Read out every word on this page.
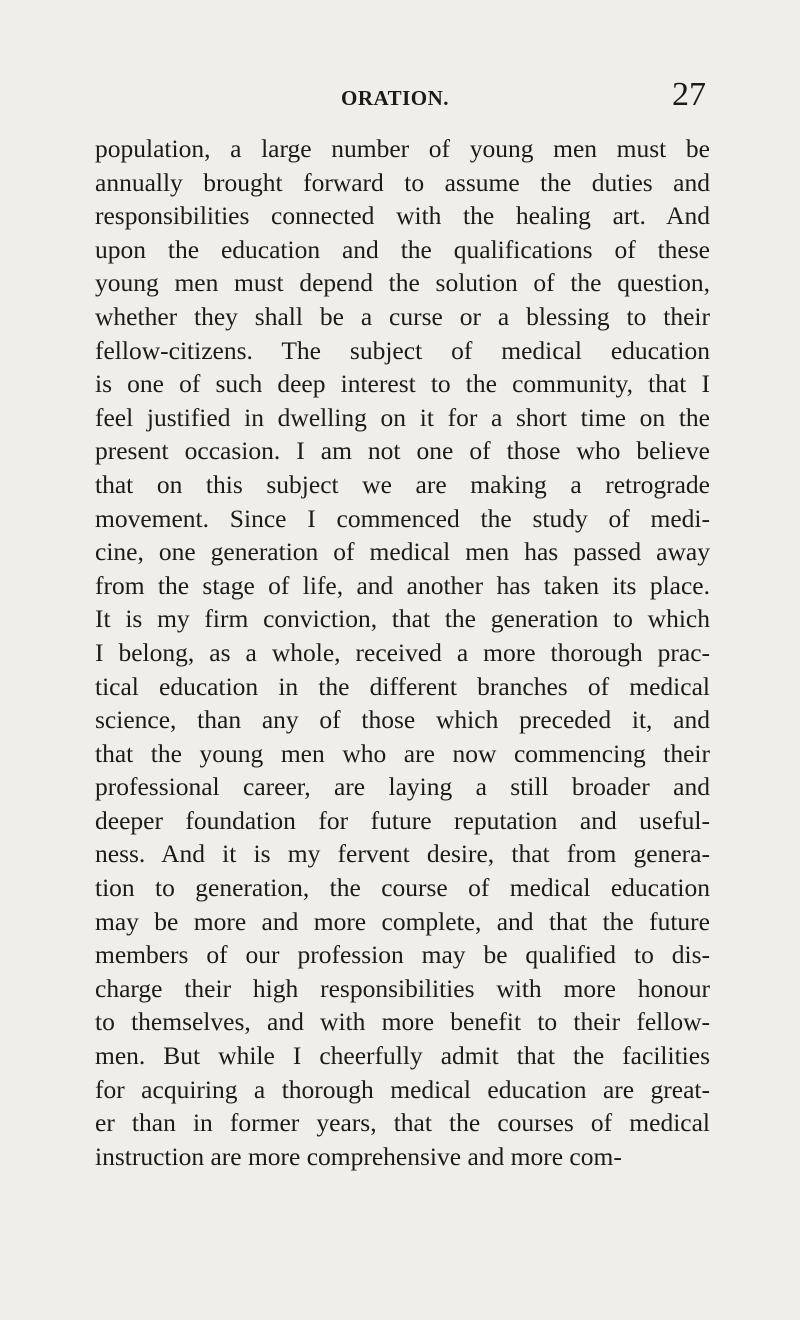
ORATION.	27
population, a large number of young men must be
annually brought forward to assume the duties and
responsibilities connected with the healing art. And
upon the education and the qualifications of these
young men must depend the solution of the question,
whether they shall be a curse or a blessing to their
fellow-citizens. The subject of medical education
is one of such deep interest to the community, that I
feel justified in dwelling on it for a short time on the
present occasion. I am not one of those who believe
that on this subject we are making a retrograde
movement. Since I commenced the study of medi-
cine, one generation of medical men has passed away
from the stage of life, and another has taken its place.
It is my firm conviction, that the generation to which
I belong, as a whole, received a more thorough prac-
tical education in the different branches of medical
science, than any of those which preceded it, and
that the young men who are now commencing their
professional career, are laying a still broader and
deeper foundation for future reputation and useful-
ness. And it is my fervent desire, that from genera-
tion to generation, the course of medical education
may be more and more complete, and that the future
members of our profession may be qualified to dis-
charge their high responsibilities with more honour
to themselves, and with more benefit to their fellow-
men. But while I cheerfully admit that the facilities
for acquiring a thorough medical education are great-
er than in former years, that the courses of medical
instruction are more comprehensive and more com-
